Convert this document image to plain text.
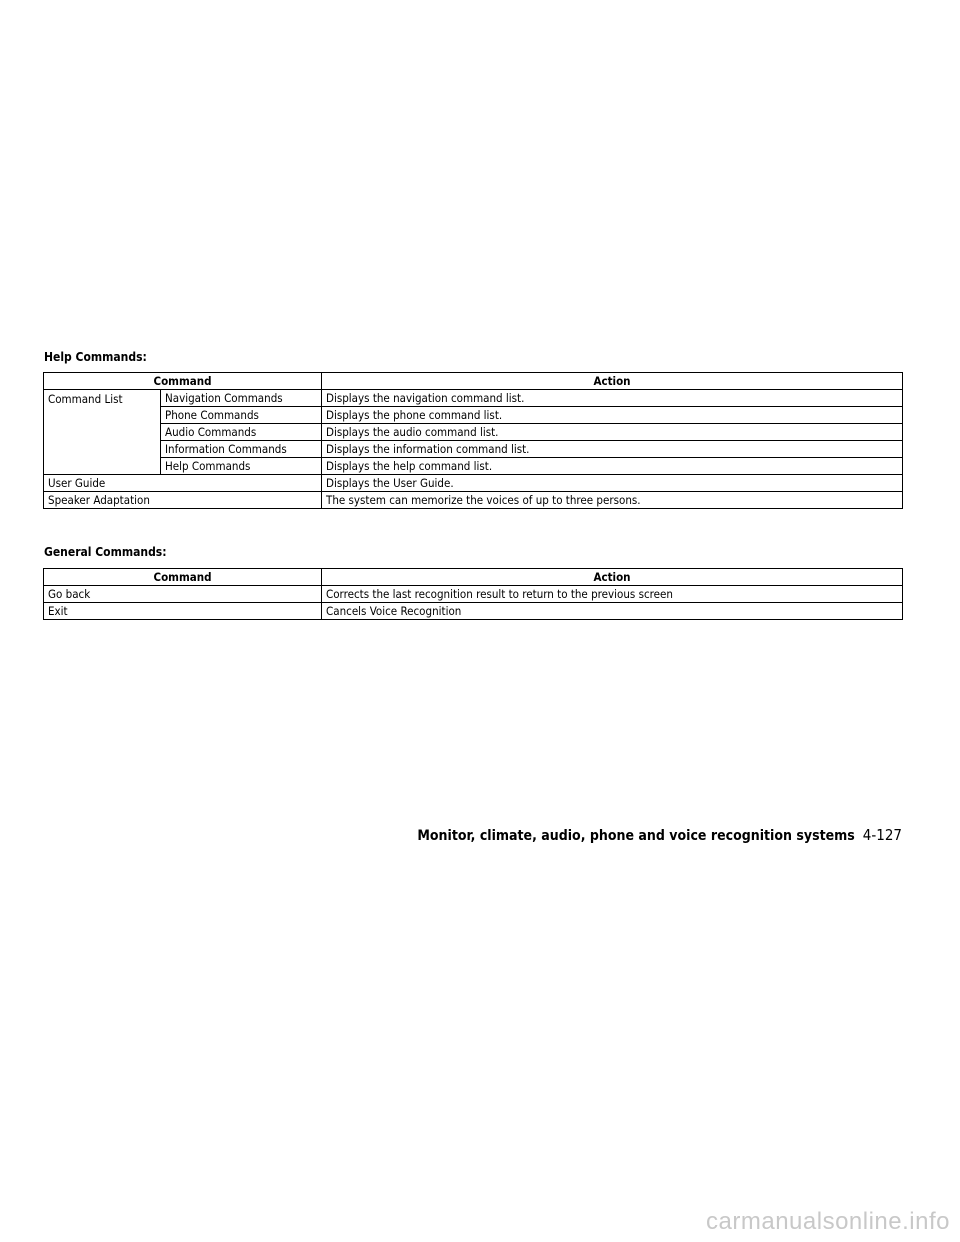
Help Commands:
Command		Action
Command List	Navigation Commands	Displays the navigation command list.
	Phone Commands	Displays the phone command list.
	Audio Commands	Displays the audio command list.
	Information Commands	Displays the information command list.
	Help Commands	Displays the help command list.
User Guide		Displays the User Guide.
Speaker Adaptation		The system can memorize the voices of up to three persons.
General Commands:
Command	Action
Go back	Corrects the last recognition result to return to the previous screen
Exit	Cancels Voice Recognition
Monitor, climate, audio, phone and voice recognition systems 4-127
carmanualsonline.info
